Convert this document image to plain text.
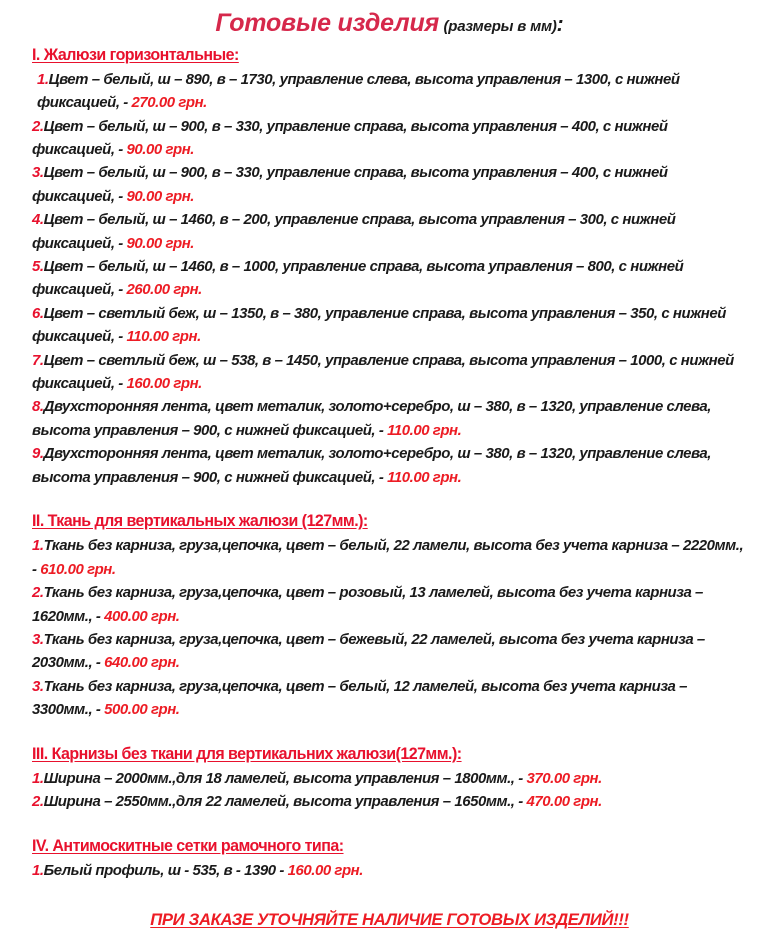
Готовые изделия (размеры в мм):
I. Жалюзи горизонтальные:
1.Цвет – белый, ш – 890, в – 1730, управление слева, высота управления – 1300, с нижней фиксацией, - 270.00 грн.
2.Цвет – белый, ш – 900, в – 330, управление справа, высота управления – 400, с нижней фиксацией, - 90.00 грн.
3.Цвет – белый, ш – 900, в – 330, управление справа, высота управления – 400, с нижней фиксацией, - 90.00 грн.
4.Цвет – белый, ш – 1460, в – 200, управление справа, высота управления – 300, с нижней фиксацией, - 90.00 грн.
5.Цвет – белый, ш – 1460, в – 1000, управление справа, высота управления – 800, с нижней фиксацией, - 260.00 грн.
6.Цвет – светлый беж, ш – 1350, в – 380, управление справа, высота управления – 350, с нижней фиксацией, - 110.00 грн.
7.Цвет – светлый беж, ш – 538, в – 1450, управление справа, высота управления – 1000, с нижней фиксацией, - 160.00 грн.
8.Двухсторонняя лента, цвет металик, золото+серебро, ш – 380, в – 1320, управление слева, высота управления – 900, с нижней фиксацией, - 110.00 грн.
9.Двухсторонняя лента, цвет металик, золото+серебро, ш – 380, в – 1320, управление слева, высота управления – 900, с нижней фиксацией, - 110.00 грн.
II. Ткань для вертикальных жалюзи (127мм.):
1.Ткань без карниза, груза,цепочка, цвет – белый, 22 ламели, высота без учета карниза – 2220мм., - 610.00 грн.
2.Ткань без карниза, груза,цепочка, цвет – розовый, 13 ламелей, высота без учета карниза – 1620мм., - 400.00 грн.
3.Ткань без карниза, груза,цепочка, цвет – бежевый, 22 ламелей, высота без учета карниза – 2030мм., - 640.00 грн.
3.Ткань без карниза, груза,цепочка, цвет – белый, 12 ламелей, высота без учета карниза – 3300мм., - 500.00 грн.
III. Карнизы без ткани для вертикальних жалюзи(127мм.):
1.Ширина – 2000мм.,для 18 ламелей, высота управления – 1800мм., - 370.00 грн.
2.Ширина – 2550мм.,для 22 ламелей, высота управления – 1650мм., - 470.00 грн.
IV. Антимоскитные сетки рамочного типа:
1.Белый профиль, ш - 535, в - 1390 - 160.00 грн.
ПРИ ЗАКАЗЕ УТОЧНЯЙТЕ НАЛИЧИЕ ГОТОВЫХ ИЗДЕЛИЙ!!!
